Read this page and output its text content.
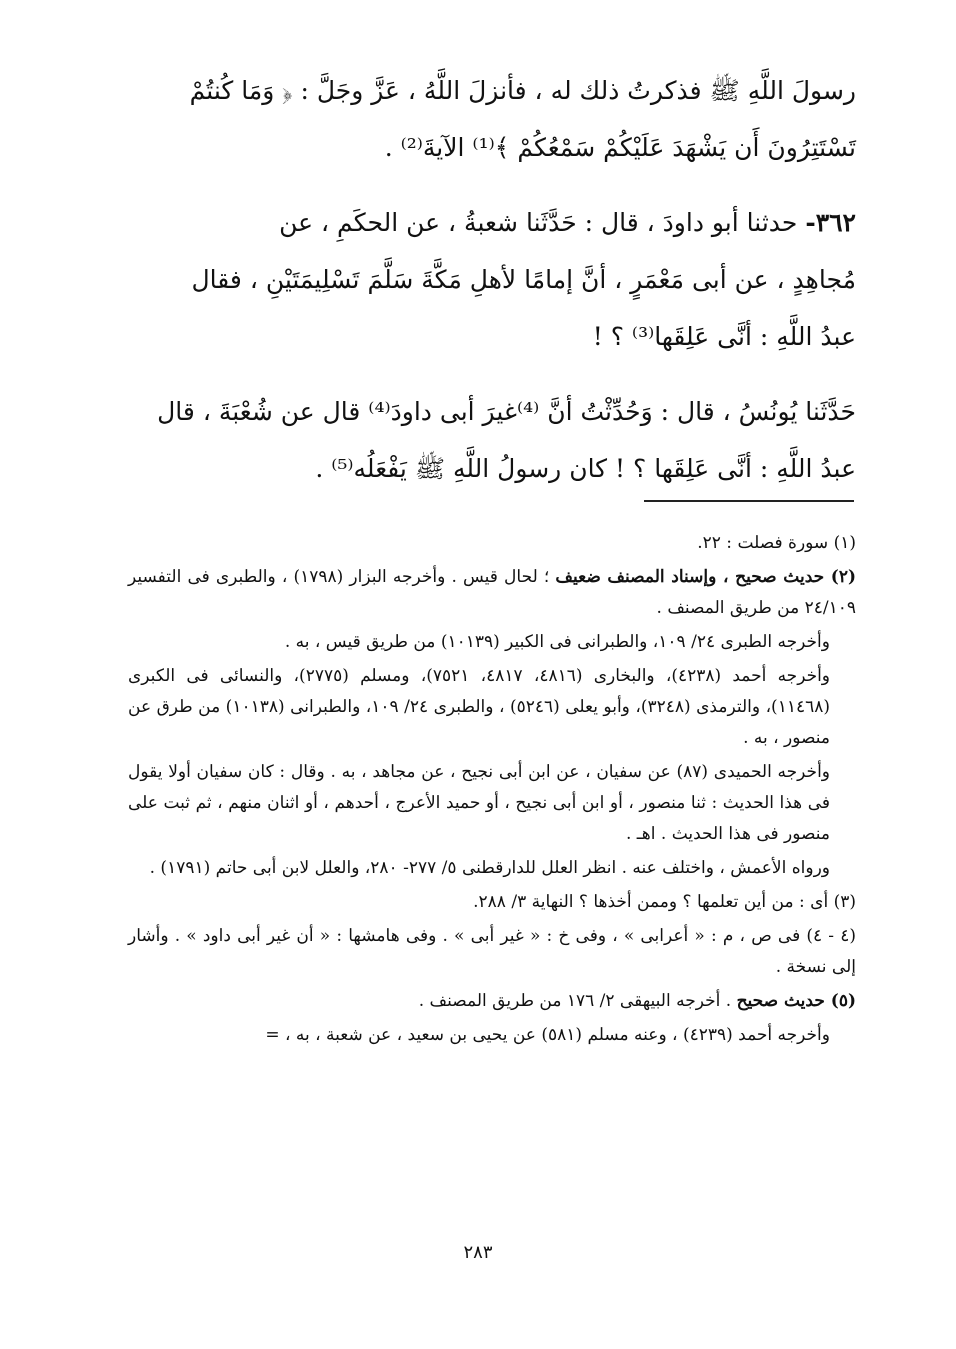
رسولَ اللَّهِ ﷺ فذكرتُ ذلك له ، فأنزلَ اللَّهُ ، عَزَّ وجَلَّ : ﴿ وَمَا كُنتُمْ

تَسْتَتِرُونَ أَن يَشْهَدَ عَلَيْكُمْ سَمْعُكُمْ ﴾⁽¹⁾ الآيةَ⁽²⁾ .

٣٦٢- حدثنا أبو داودَ ، قال : حَدَّثَنا شعبةُ ، عن الحكَمِ ، عن

مُجاهِدٍ ، عن أبى مَعْمَرٍ ، أنَّ إمامًا لأهلِ مَكَّةَ سَلَّمَ تَسْلِيمَتَيْنِ ، فقال

عبدُ اللَّهِ : أنَّى عَلِقَها⁽³⁾ ؟ !

حَدَّثَنا يُونُسُ ، قال : وَحُدِّثْتُ أنَّ ⁽⁴⁾غيرَ أبى داودَ⁽⁴⁾ قال عن شُعْبَةَ ، قال

عبدُ اللَّهِ : أنَّى عَلِقَها ؟ ! كان رسولُ اللَّهِ ﷺ يَفْعَلُه⁽⁵⁾ .

(١) سورة فصلت : ٢٢.

(٢) حديث صحيح ، وإسناد المصنف ضعيف ؛ لحال قيس . وأخرجه البزار (١٧٩٨) ، والطبرى فى التفسير ٢٤/١٠٩ من طريق المصنف .

وأخرجه الطبرى ٢٤/ ١٠٩، والطبرانى فى الكبير (١٠١٣٩) من طريق قيس ، به .

وأخرجه أحمد (٤٢٣٨)، والبخارى (٤٨١٦، ٤٨١٧، ٧٥٢١)، ومسلم (٢٧٧٥)، والنسائى فى الكبرى (١١٤٦٨)، والترمذى (٣٢٤٨)، وأبو يعلى (٥٢٤٦) ، والطبرى ٢٤/ ١٠٩، والطبرانى (١٠١٣٨) من طرق عن منصور ، به .

وأخرجه الحميدى (٨٧) عن سفيان ، عن ابن أبى نجيح ، عن مجاهد ، به . وقال : كان سفيان أولا يقول فى هذا الحديث : ثنا منصور ، أو ابن أبى نجيح ، أو حميد الأعرج ، أحدهم ، أو اثنان منهم ، ثم ثبت على منصور فى هذا الحديث . اهـ .

ورواه الأعمش ، واختلف عنه . انظر العلل للدارقطنى ٥/ ٢٧٧- ٢٨٠، والعلل لابن أبى حاتم (١٧٩١) .

(٣) أى : من أين تعلمها ؟ وممن أخذها ؟ النهاية ٣/ ٢٨٨.

(٤ - ٤) فى ص ، م : « أعرابى » ، وفى خ : « غير أبى » . وفى هامشها : « أن غير أبى داود » . وأشار إلى نسخة .

(٥) حديث صحيح . أخرجه البيهقى ٢/ ١٧٦ من طريق المصنف .

وأخرجه أحمد (٤٢٣٩) ، وعنه مسلم (٥٨١) عن يحيى بن سعيد ، عن شعبة ، به ، =

٢٨٣
